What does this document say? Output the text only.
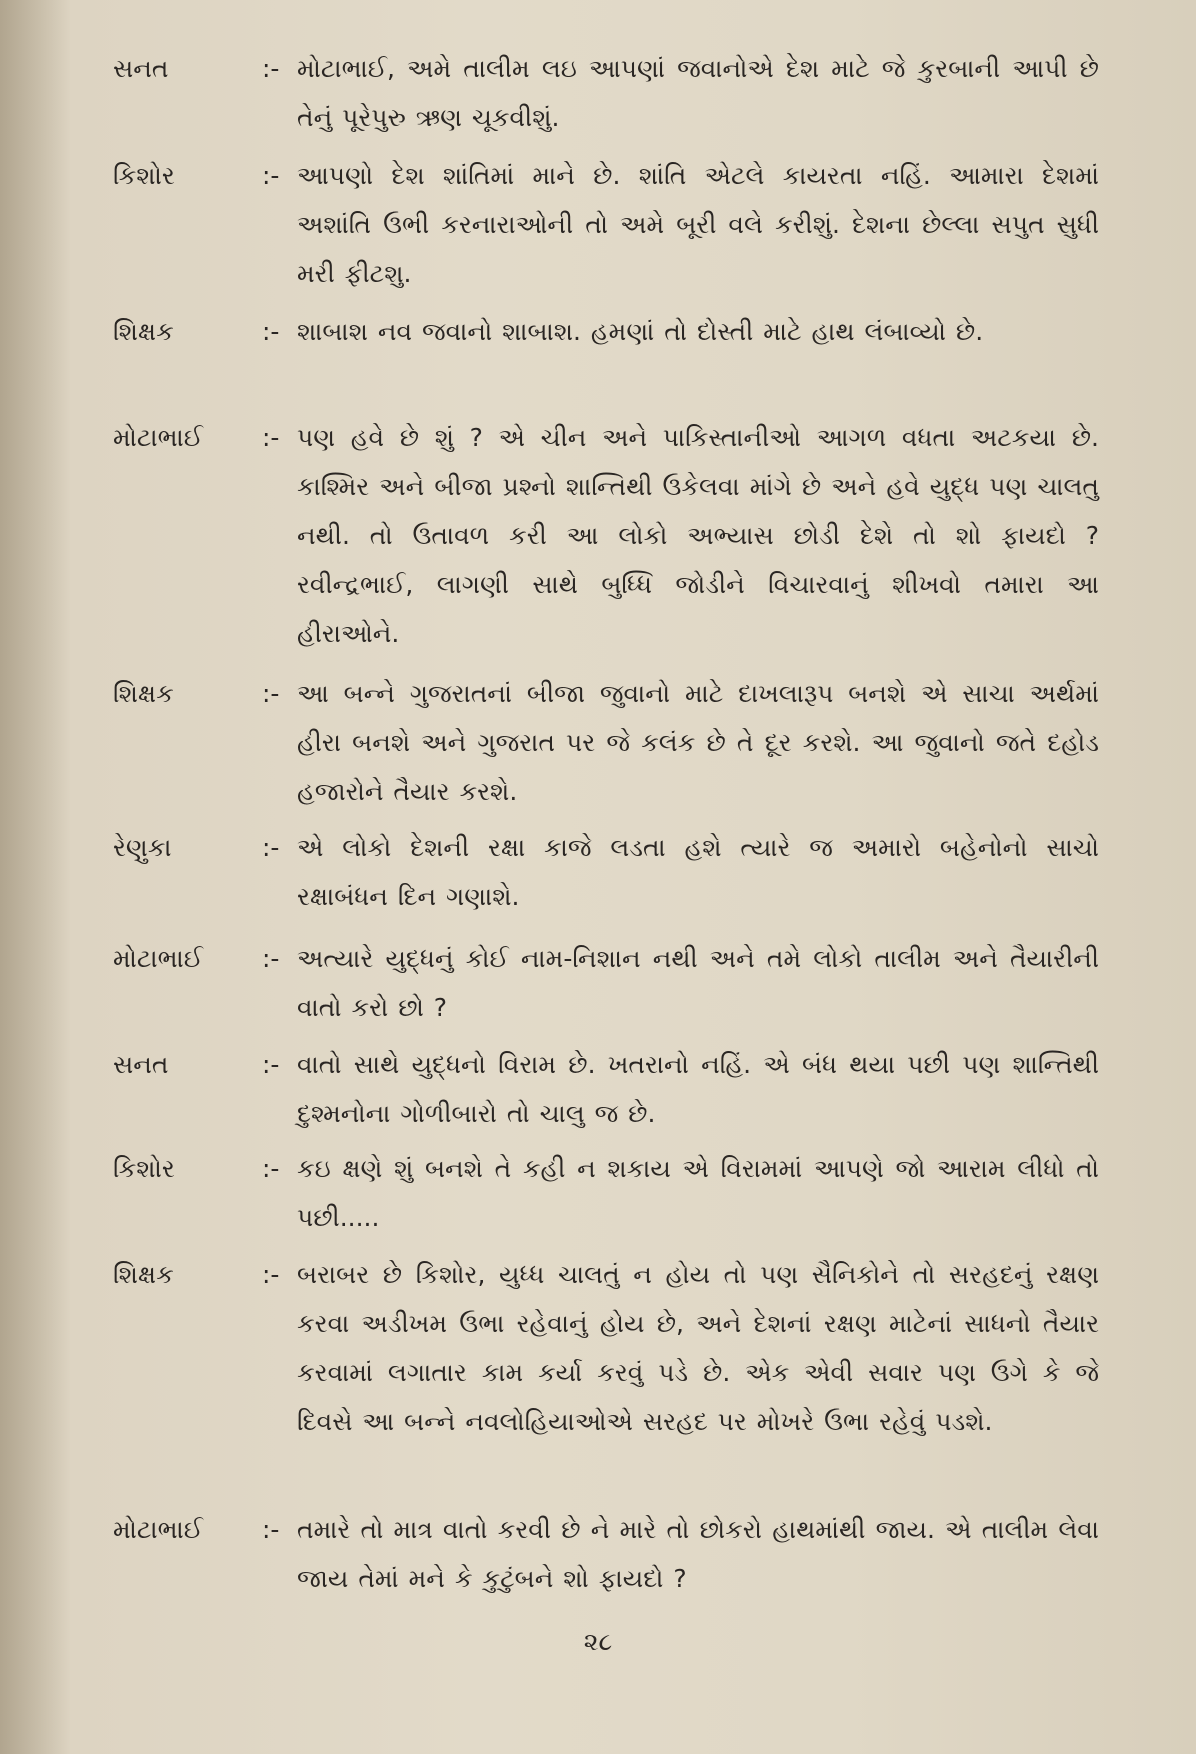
સનત	:- મોટાભાઈ, અમે તાલીમ લઇ આપણાં જવાનોએ દેશ માટે જે કુરબાની આપી છે તેનું પૂરેપુરુ ઋણ ચૂકવીશું.
કિશોર	:- આપણો દેશ શાંતિમાં માને છે. શાંતિ એટલે કાયરતા નહિં. આમારા દેશમાં અશાંતિ ઉભી કરનારાઓની તો અમે બૂરી વલે કરીશું. દેશના છેલ્લા સપુત સુધી મરી ફીટશુ.
શિક્ષક	:- શાબાશ નવ જવાનો શાબાશ. હમણાં તો દોસ્તી માટે હાથ લંબાવ્યો છે.
મોટાભાઈ :- પણ હવે છે શું ? એ ચીન અને પાકિસ્તાનીઓ આગળ વધતા અટકયા છે. કાશ્મિર અને બીજા પ્રશ્નો શાન્તિથી ઉકેલવા માંગે છે અને હવે યુદ્ધ પણ ચાલતુ નથી. તો ઉતાવળ કરી આ લોકો અભ્યાસ છોડી દેશે તો શો ફાયદો ? રવીન્દ્રભાઈ, લાગણી સાથે બુધ્ધિ જોડીને વિચારવાનું શીખવો તમારા આ હીરાઓને.
શિક્ષક	:- આ બન્ને ગુજરાતનાં બીજા જુવાનો માટે દાખલારૂપ બનશે એ સાચા અર્થમાં હીરા બનશે અને ગુજરાત પર જે કલંક છે તે દૂર કરશે. આ જુવાનો જતે દહોડ હજારોને તૈયાર કરશે.
રેણુકા	:- એ લોકો દેશની રક્ષા કાજે લડતા હશે ત્યારે જ અમારો બહેનોનો સાચો રક્ષાબંધન દિન ગણાશે.
મોટાભાઈ :- અત્યારે યુદ્ધનું કોઈ નામ-નિશાન નથી અને તમે લોકો તાલીમ અને તૈયારીની વાતો કરો છો ?
સનત	:- વાતો સાથે યુદ્ધનો વિરામ છે. ખતરાનો નહિં. એ બંધ થયા પછી પણ શાન્તિથી દુશ્મનોના ગોળીબારો તો ચાલુ જ છે.
કિશોર	:- કઇ ક્ષણે શું બનશે તે કહી ન શકાય એ વિરામમાં આપણે જો આરામ લીધો તો પછી.....
શિક્ષક	:- બરાબર છે કિશોર, યુધ્ધ ચાલતું ન હોય તો પણ સૈનિકોને તો સરહદનું રક્ષણ કરવા અડીખમ ઉભા રહેવાનું હોય છે, અને દેશનાં રક્ષણ માટેનાં સાધનો તૈયાર કરવામાં લગાતાર કામ કર્યા કરવું પડે છે. એક એવી સવાર પણ ઉગે કે જે દિવસે આ બન્ને નવલોહિયાઓએ સરહદ પર મોખરે ઉભા રહેવું પડશે.
મોટાભાઈ :- તમારે તો માત્ર વાતો કરવી છે ને મારે તો છોકરો હાથમાંથી જાય. એ તાલીમ લેવા જાય તેમાં મને કે કુટુંબને શો ફાયદો ?
૨૮
